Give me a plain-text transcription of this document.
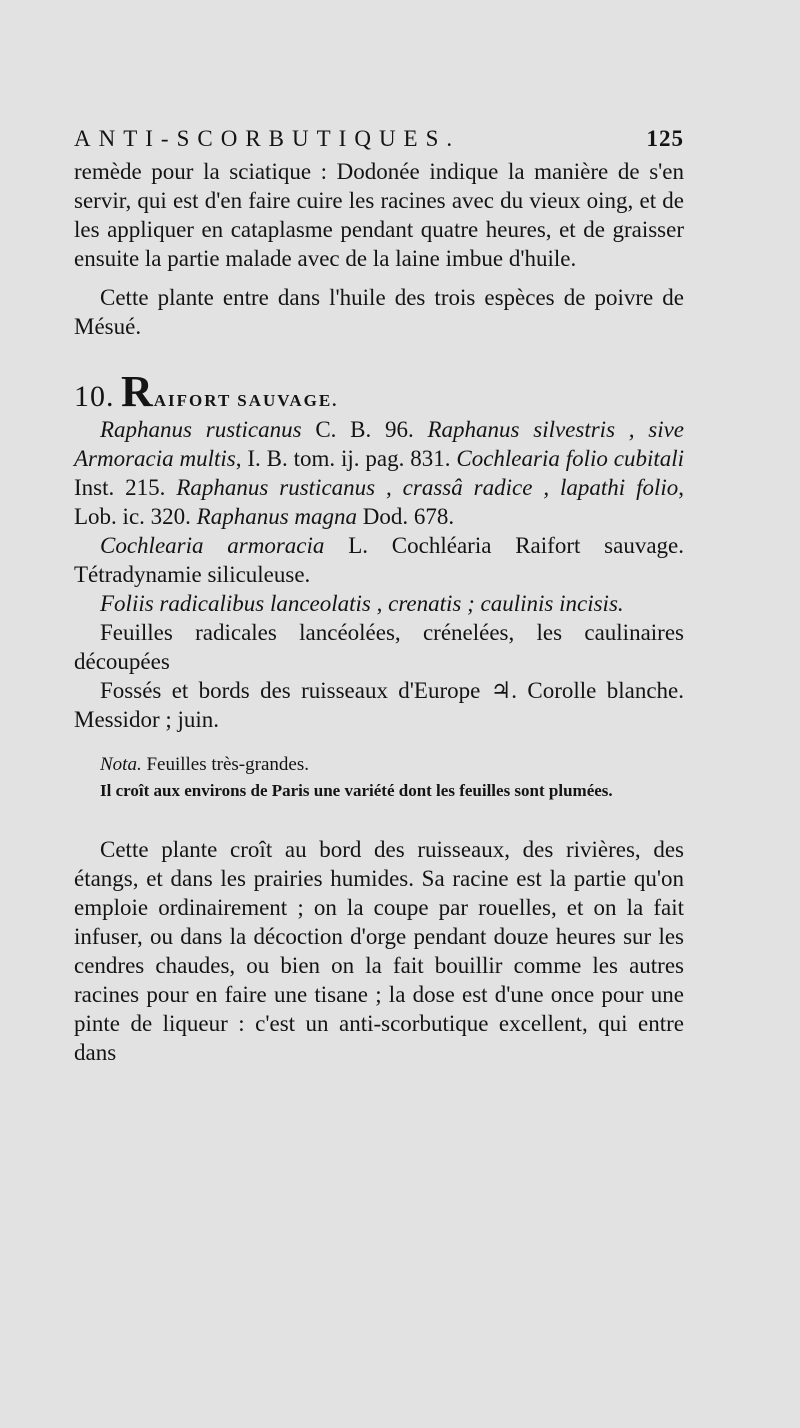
ANTI-SCORBUTIQUES.	125

remède pour la sciatique : Dodonée indique la manière de s'en servir, qui est d'en faire cuire les racines avec du vieux oing, et de les appliquer en cataplasme pendant quatre heures, et de graisser ensuite la partie malade avec de la laine imbue d'huile.

Cette plante entre dans l'huile des trois espèces de poivre de Mésué.

10. RAIFORT SAUVAGE.

Raphanus rusticanus C. B. 96. Raphanus silvestris , sive Armoracia multis, I. B. tom. ij. pag. 831. Cochlearia folio cubitali Inst. 215. Raphanus rusticanus , crassâ radice , lapathi folio, Lob. ic. 320. Raphanus magna Dod. 678.

Cochlearia armoracia L. Cochléaria Raifort sauvage. Tétradynamie siliculeuse.

Foliis radicalibus lanceolatis , crenatis ; caulinis incisis.

Feuilles radicales lancéolées, crénelées, les caulinaires découpées

Fossés et bords des ruisseaux d'Europe ♃. Corolle blanche. Messidor ; juin.

Nota. Feuilles très-grandes.

Il croît aux environs de Paris une variété dont les feuilles sont plumées.

Cette plante croît au bord des ruisseaux, des rivières, des étangs, et dans les prairies humides. Sa racine est la partie qu'on emploie ordinairement ; on la coupe par rouelles, et on la fait infuser, ou dans la décoction d'orge pendant douze heures sur les cendres chaudes, ou bien on la fait bouillir comme les autres racines pour en faire une tisane ; la dose est d'une once pour une pinte de liqueur : c'est un anti-scorbutique excellent, qui entre dans
